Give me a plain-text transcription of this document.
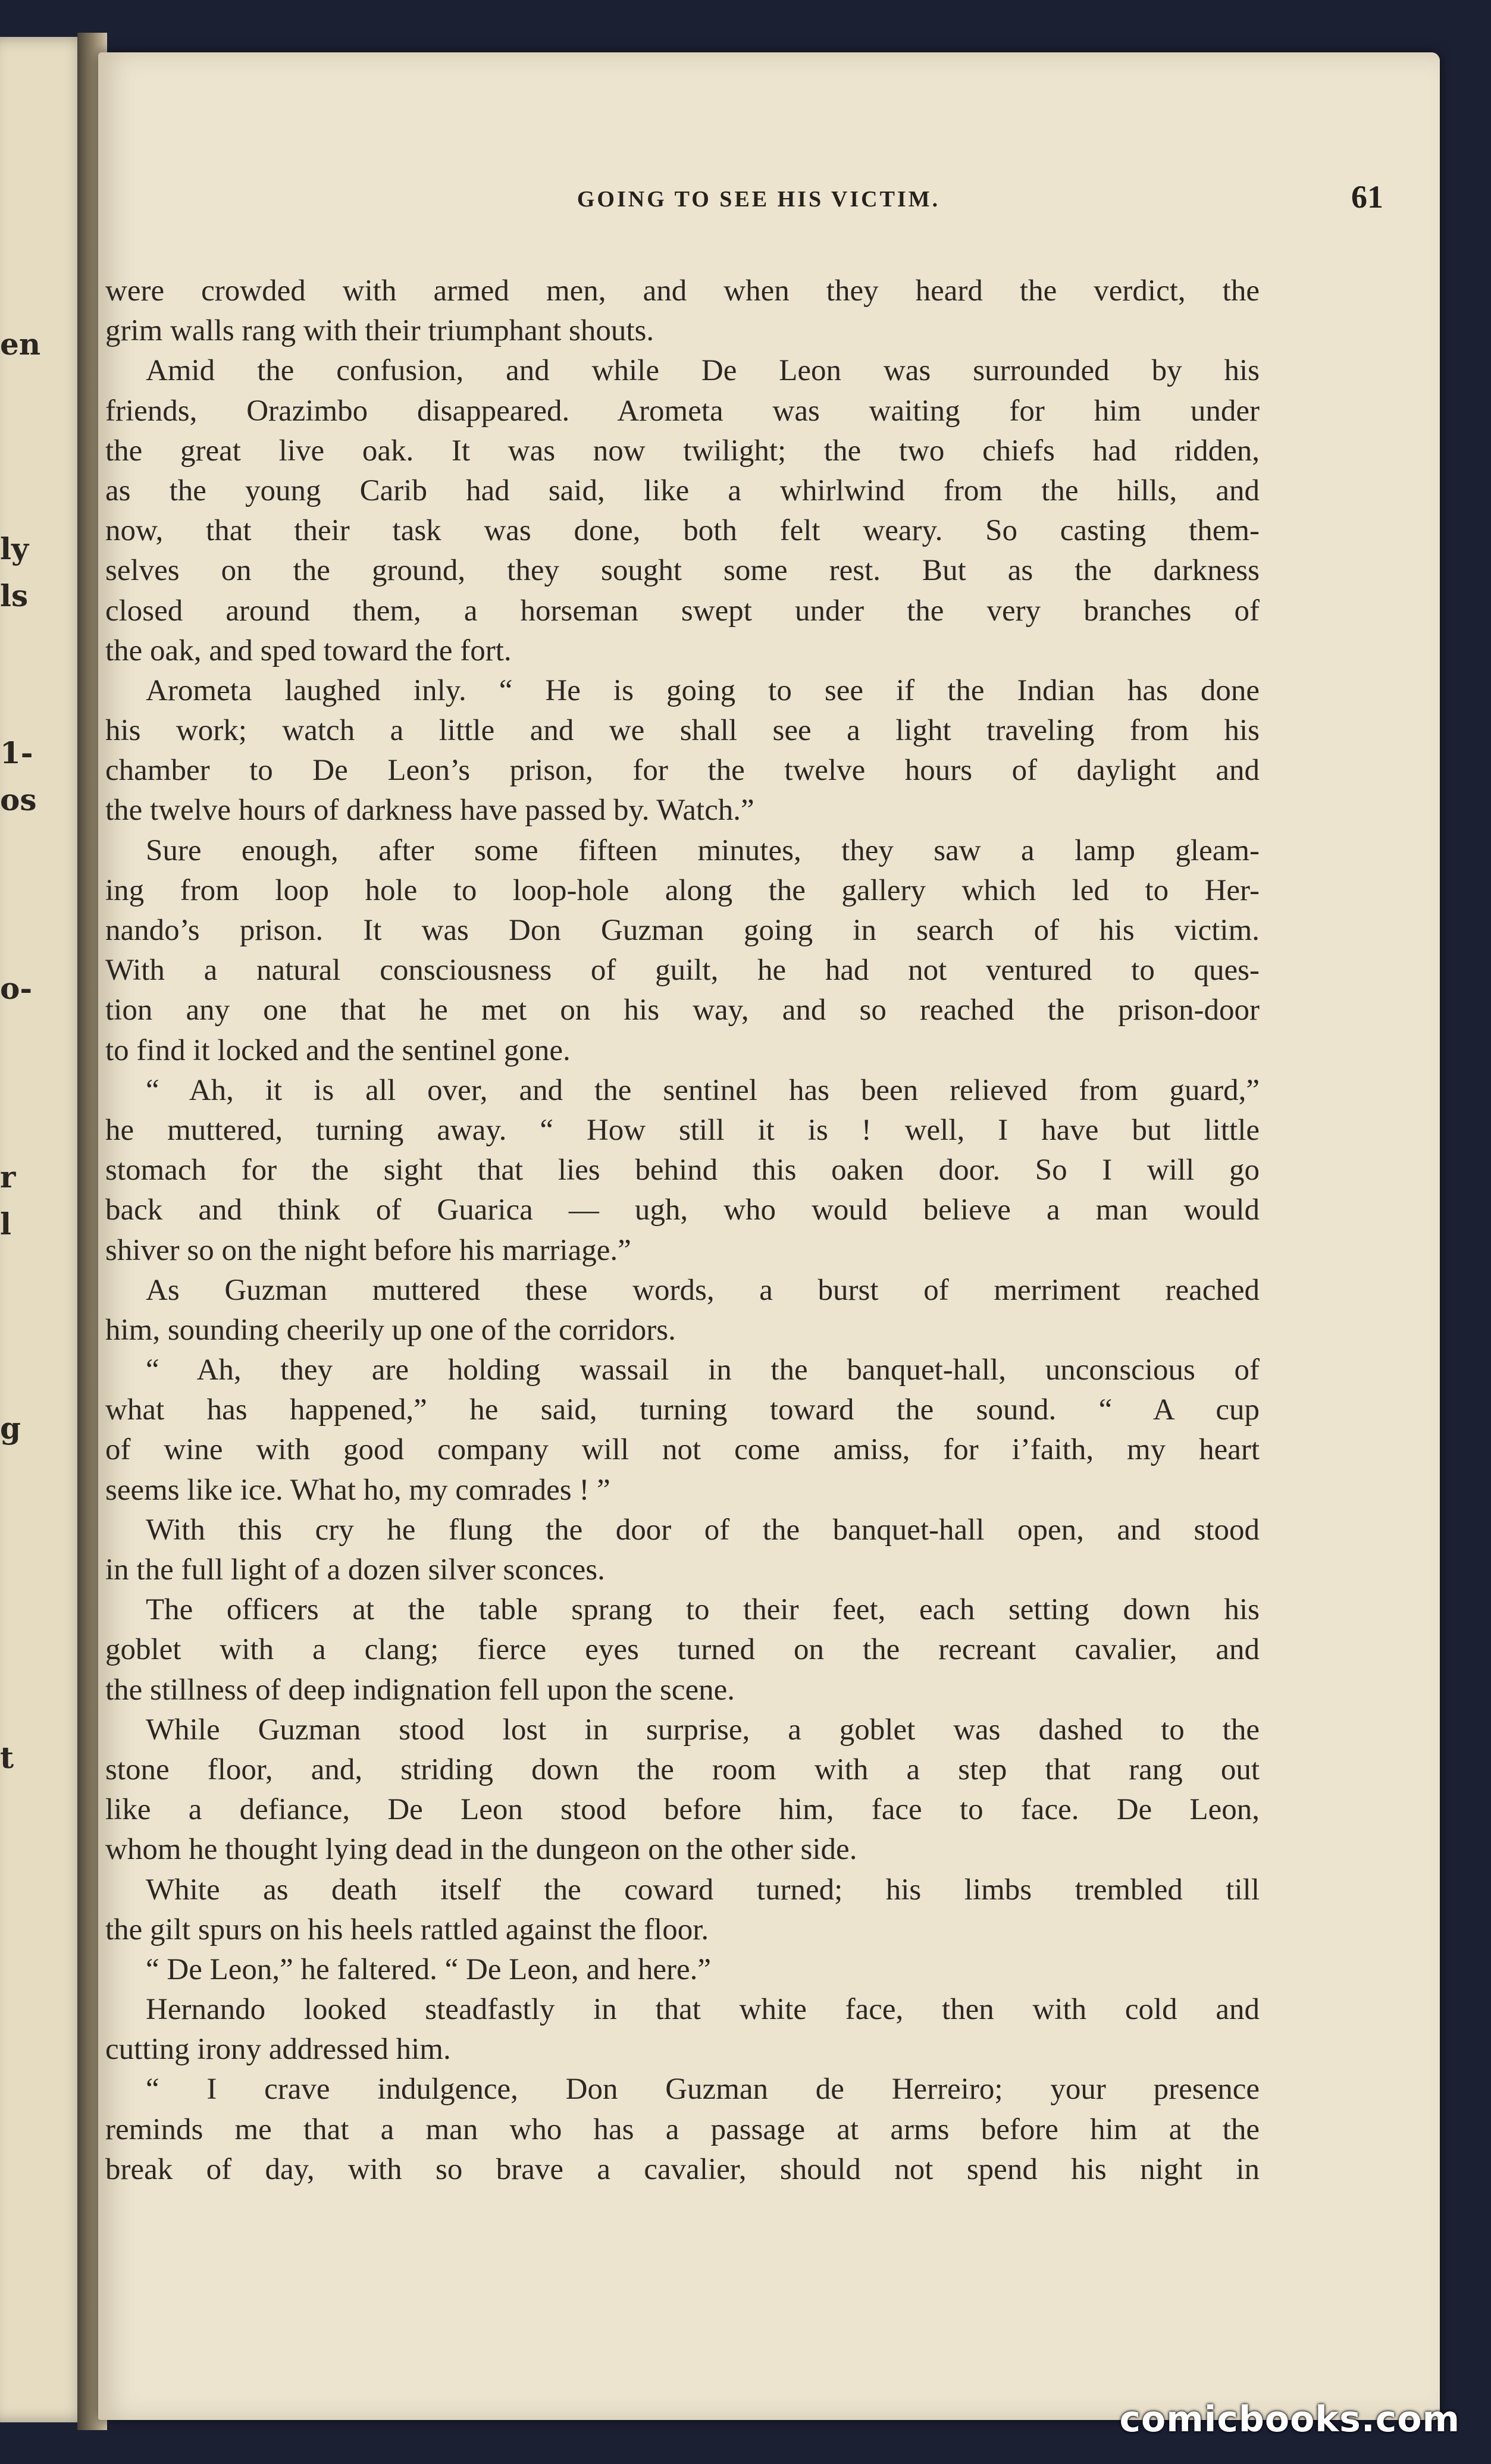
en
ly
ls
1-
os
o-
r
l
g
t
GOING TO SEE HIS VICTIM.	61
were crowded with armed men, and when they heard the verdict, the
grim walls rang with their triumphant shouts.
Amid the confusion, and while De Leon was surrounded by his
friends, Orazimbo disappeared. Arometa was waiting for him under
the great live oak. It was now twilight; the two chiefs had ridden,
as the young Carib had said, like a whirlwind from the hills, and
now, that their task was done, both felt weary. So casting them-
selves on the ground, they sought some rest. But as the darkness
closed around them, a horseman swept under the very branches of
the oak, and sped toward the fort.
Arometa laughed inly. “ He is going to see if the Indian has done
his work; watch a little and we shall see a light traveling from his
chamber to De Leon’s prison, for the twelve hours of daylight and
the twelve hours of darkness have passed by. Watch.”
Sure enough, after some fifteen minutes, they saw a lamp gleam-
ing from loop hole to loop-hole along the gallery which led to Her-
nando’s prison. It was Don Guzman going in search of his victim.
With a natural consciousness of guilt, he had not ventured to ques-
tion any one that he met on his way, and so reached the prison-door
to find it locked and the sentinel gone.
“ Ah, it is all over, and the sentinel has been relieved from guard,”
he muttered, turning away. “ How still it is ! well, I have but little
stomach for the sight that lies behind this oaken door. So I will go
back and think of Guarica — ugh, who would believe a man would
shiver so on the night before his marriage.”
As Guzman muttered these words, a burst of merriment reached
him, sounding cheerily up one of the corridors.
“ Ah, they are holding wassail in the banquet-hall, unconscious of
what has happened,” he said, turning toward the sound. “ A cup
of wine with good company will not come amiss, for i’faith, my heart
seems like ice. What ho, my comrades ! ”
With this cry he flung the door of the banquet-hall open, and stood
in the full light of a dozen silver sconces.
The officers at the table sprang to their feet, each setting down his
goblet with a clang; fierce eyes turned on the recreant cavalier, and
the stillness of deep indignation fell upon the scene.
While Guzman stood lost in surprise, a goblet was dashed to the
stone floor, and, striding down the room with a step that rang out
like a defiance, De Leon stood before him, face to face. De Leon,
whom he thought lying dead in the dungeon on the other side.
White as death itself the coward turned; his limbs trembled till
the gilt spurs on his heels rattled against the floor.
“ De Leon,” he faltered. “ De Leon, and here.”
Hernando looked steadfastly in that white face, then with cold and
cutting irony addressed him.
“ I crave indulgence, Don Guzman de Herreiro; your presence
reminds me that a man who has a passage at arms before him at the
break of day, with so brave a cavalier, should not spend his night in
comicbooks.com
